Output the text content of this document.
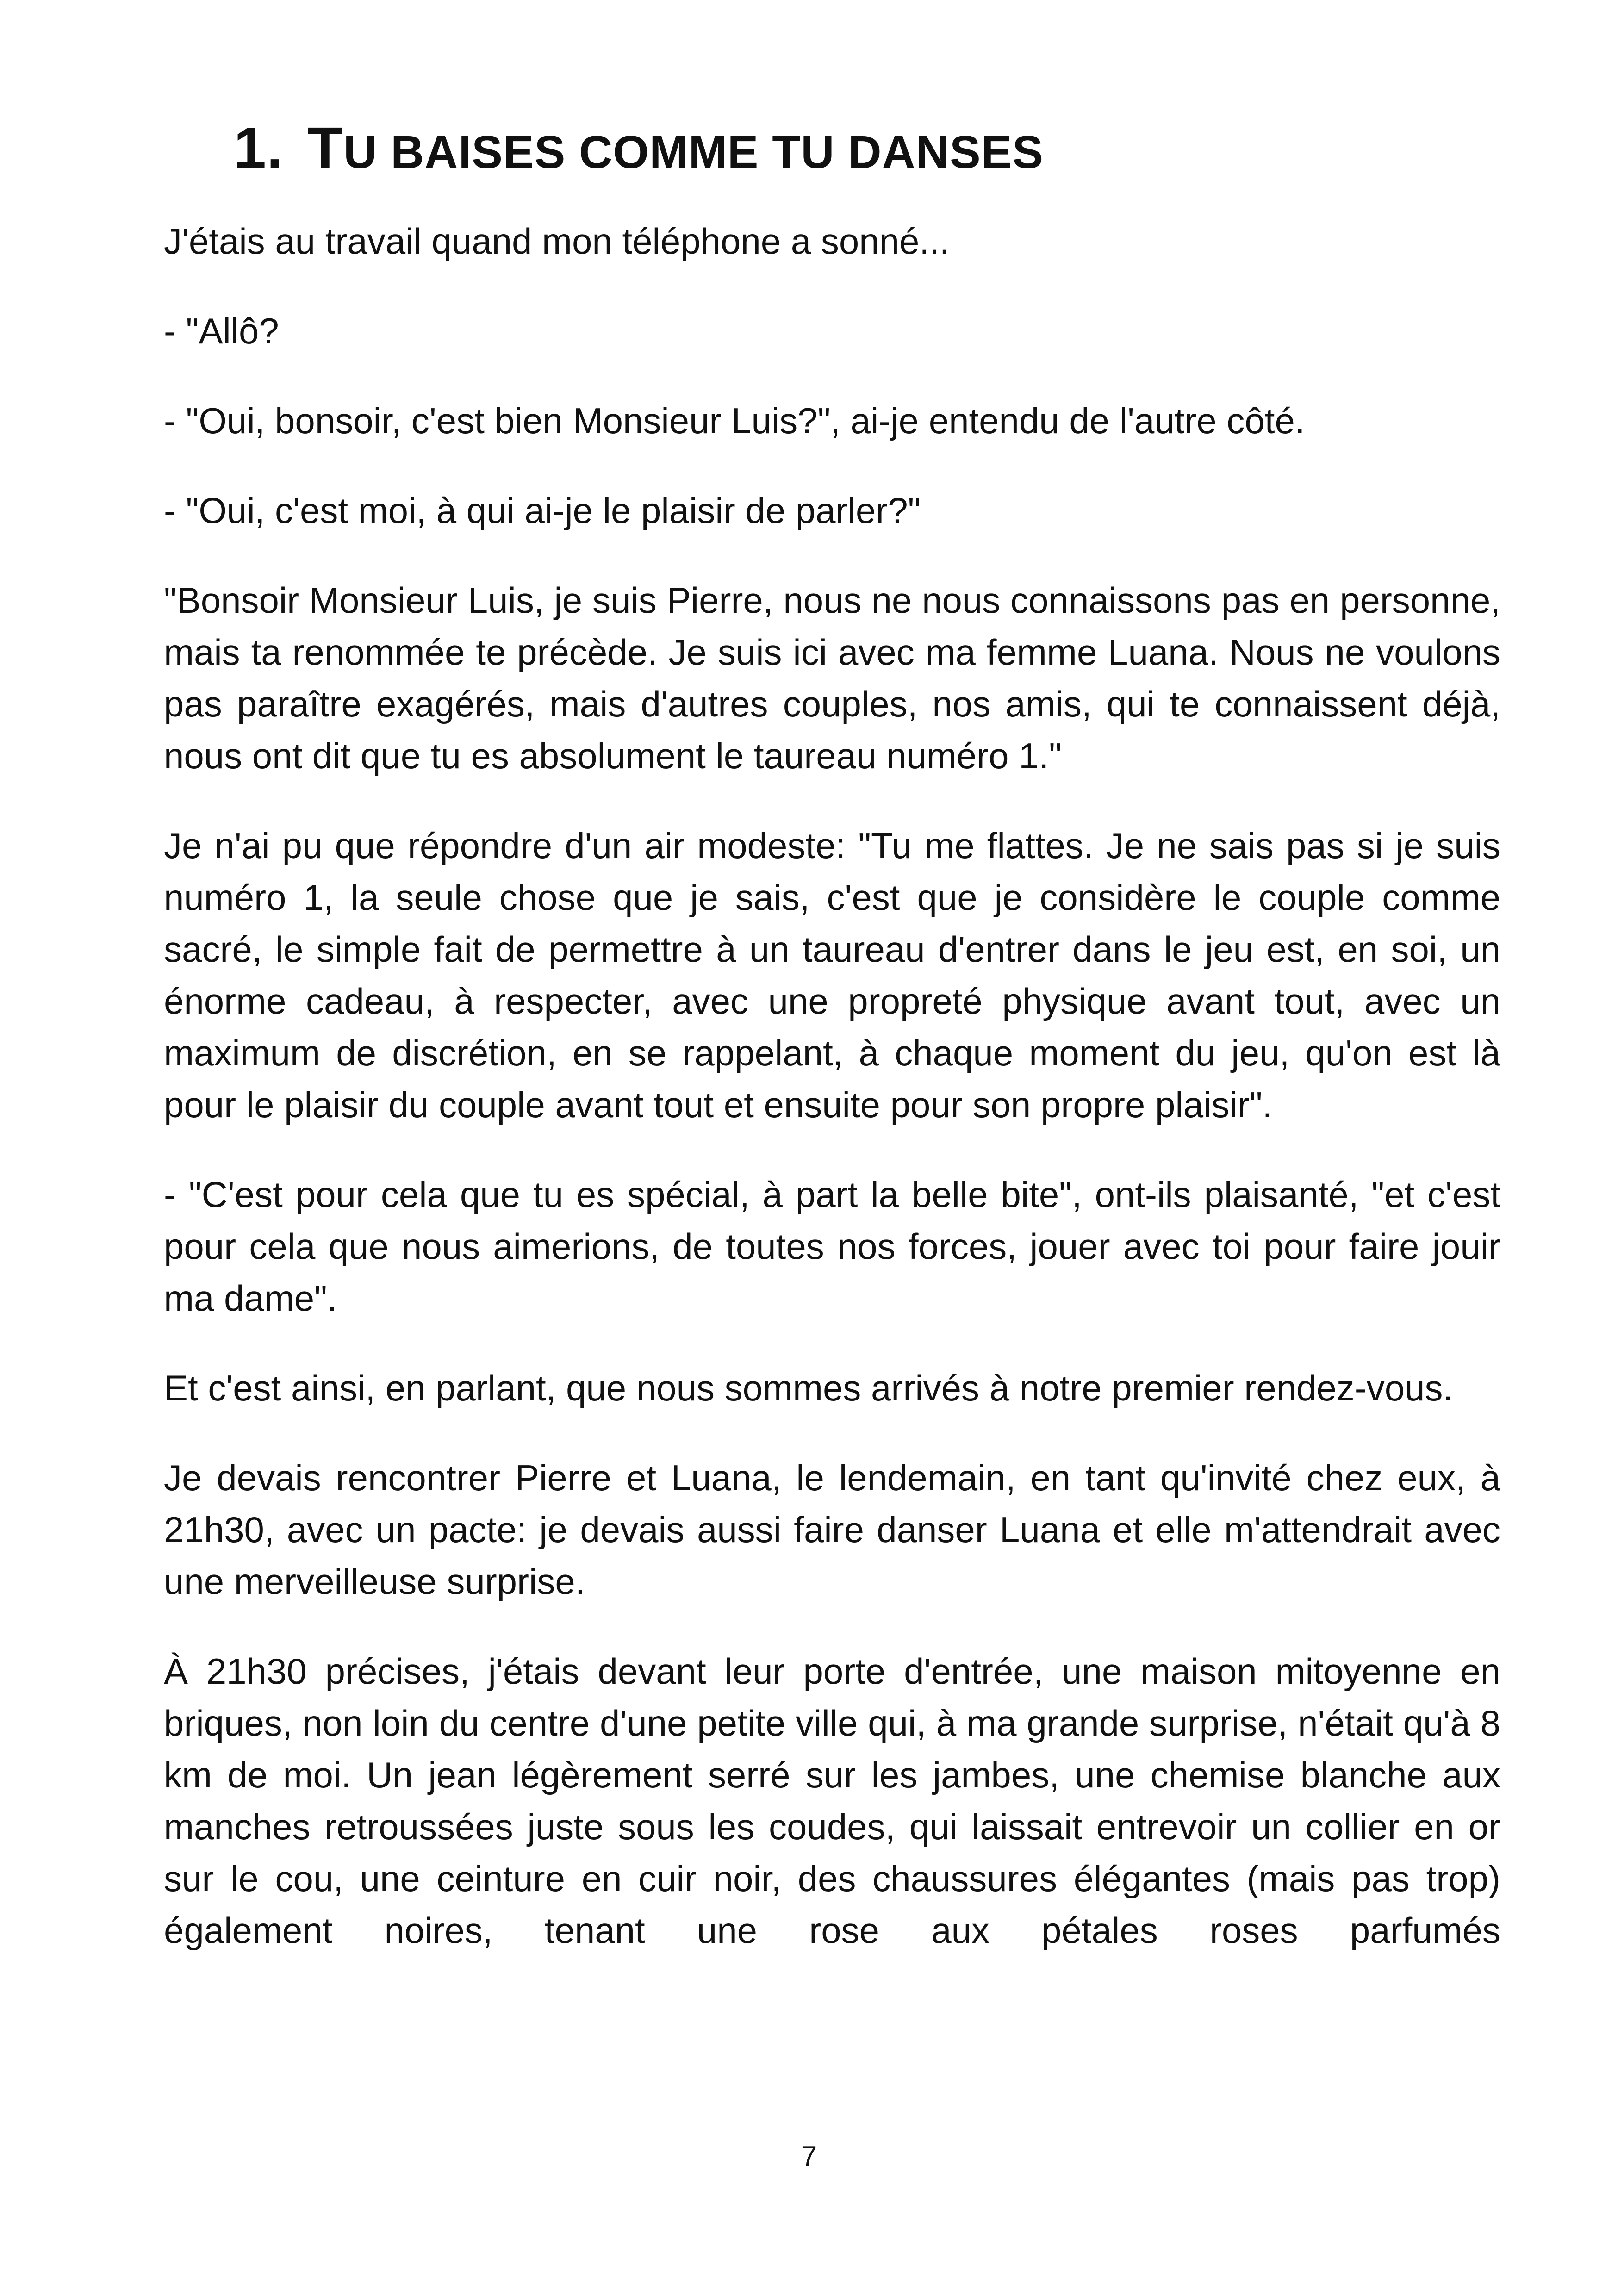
1. TU BAISES COMME TU DANSES

J'étais au travail quand mon téléphone a sonné...

- "Allô?

- "Oui, bonsoir, c'est bien Monsieur Luis?", ai-je entendu de l'autre côté.

- "Oui, c'est moi, à qui ai-je le plaisir de parler?"

"Bonsoir Monsieur Luis, je suis Pierre, nous ne nous connaissons pas en personne, mais ta renommée te précède. Je suis ici avec ma femme Luana. Nous ne voulons pas paraître exagérés, mais d'autres couples, nos amis, qui te connaissent déjà, nous ont dit que tu es absolument le taureau numéro 1."

Je n'ai pu que répondre d'un air modeste: "Tu me flattes. Je ne sais pas si je suis numéro 1, la seule chose que je sais, c'est que je considère le couple comme sacré, le simple fait de permettre à un taureau d'entrer dans le jeu est, en soi, un énorme cadeau, à respecter, avec une propreté physique avant tout, avec un maximum de discrétion, en se rappelant, à chaque moment du jeu, qu'on est là pour le plaisir du couple avant tout et ensuite pour son propre plaisir".

- "C'est pour cela que tu es spécial, à part la belle bite", ont-ils plaisanté, "et c'est pour cela que nous aimerions, de toutes nos forces, jouer avec toi pour faire jouir ma dame".

Et c'est ainsi, en parlant, que nous sommes arrivés à notre premier rendez-vous.

Je devais rencontrer Pierre et Luana, le lendemain, en tant qu'invité chez eux, à 21h30, avec un pacte: je devais aussi faire danser Luana et elle m'attendrait avec une merveilleuse surprise.

À 21h30 précises, j'étais devant leur porte d'entrée, une maison mitoyenne en briques, non loin du centre d'une petite ville qui, à ma grande surprise, n'était qu'à 8 km de moi. Un jean légèrement serré sur les jambes, une chemise blanche aux manches retroussées juste sous les coudes, qui laissait entrevoir un collier en or sur le cou, une ceinture en cuir noir, des chaussures élégantes (mais pas trop) également noires, tenant une rose aux pétales roses parfumés

7
